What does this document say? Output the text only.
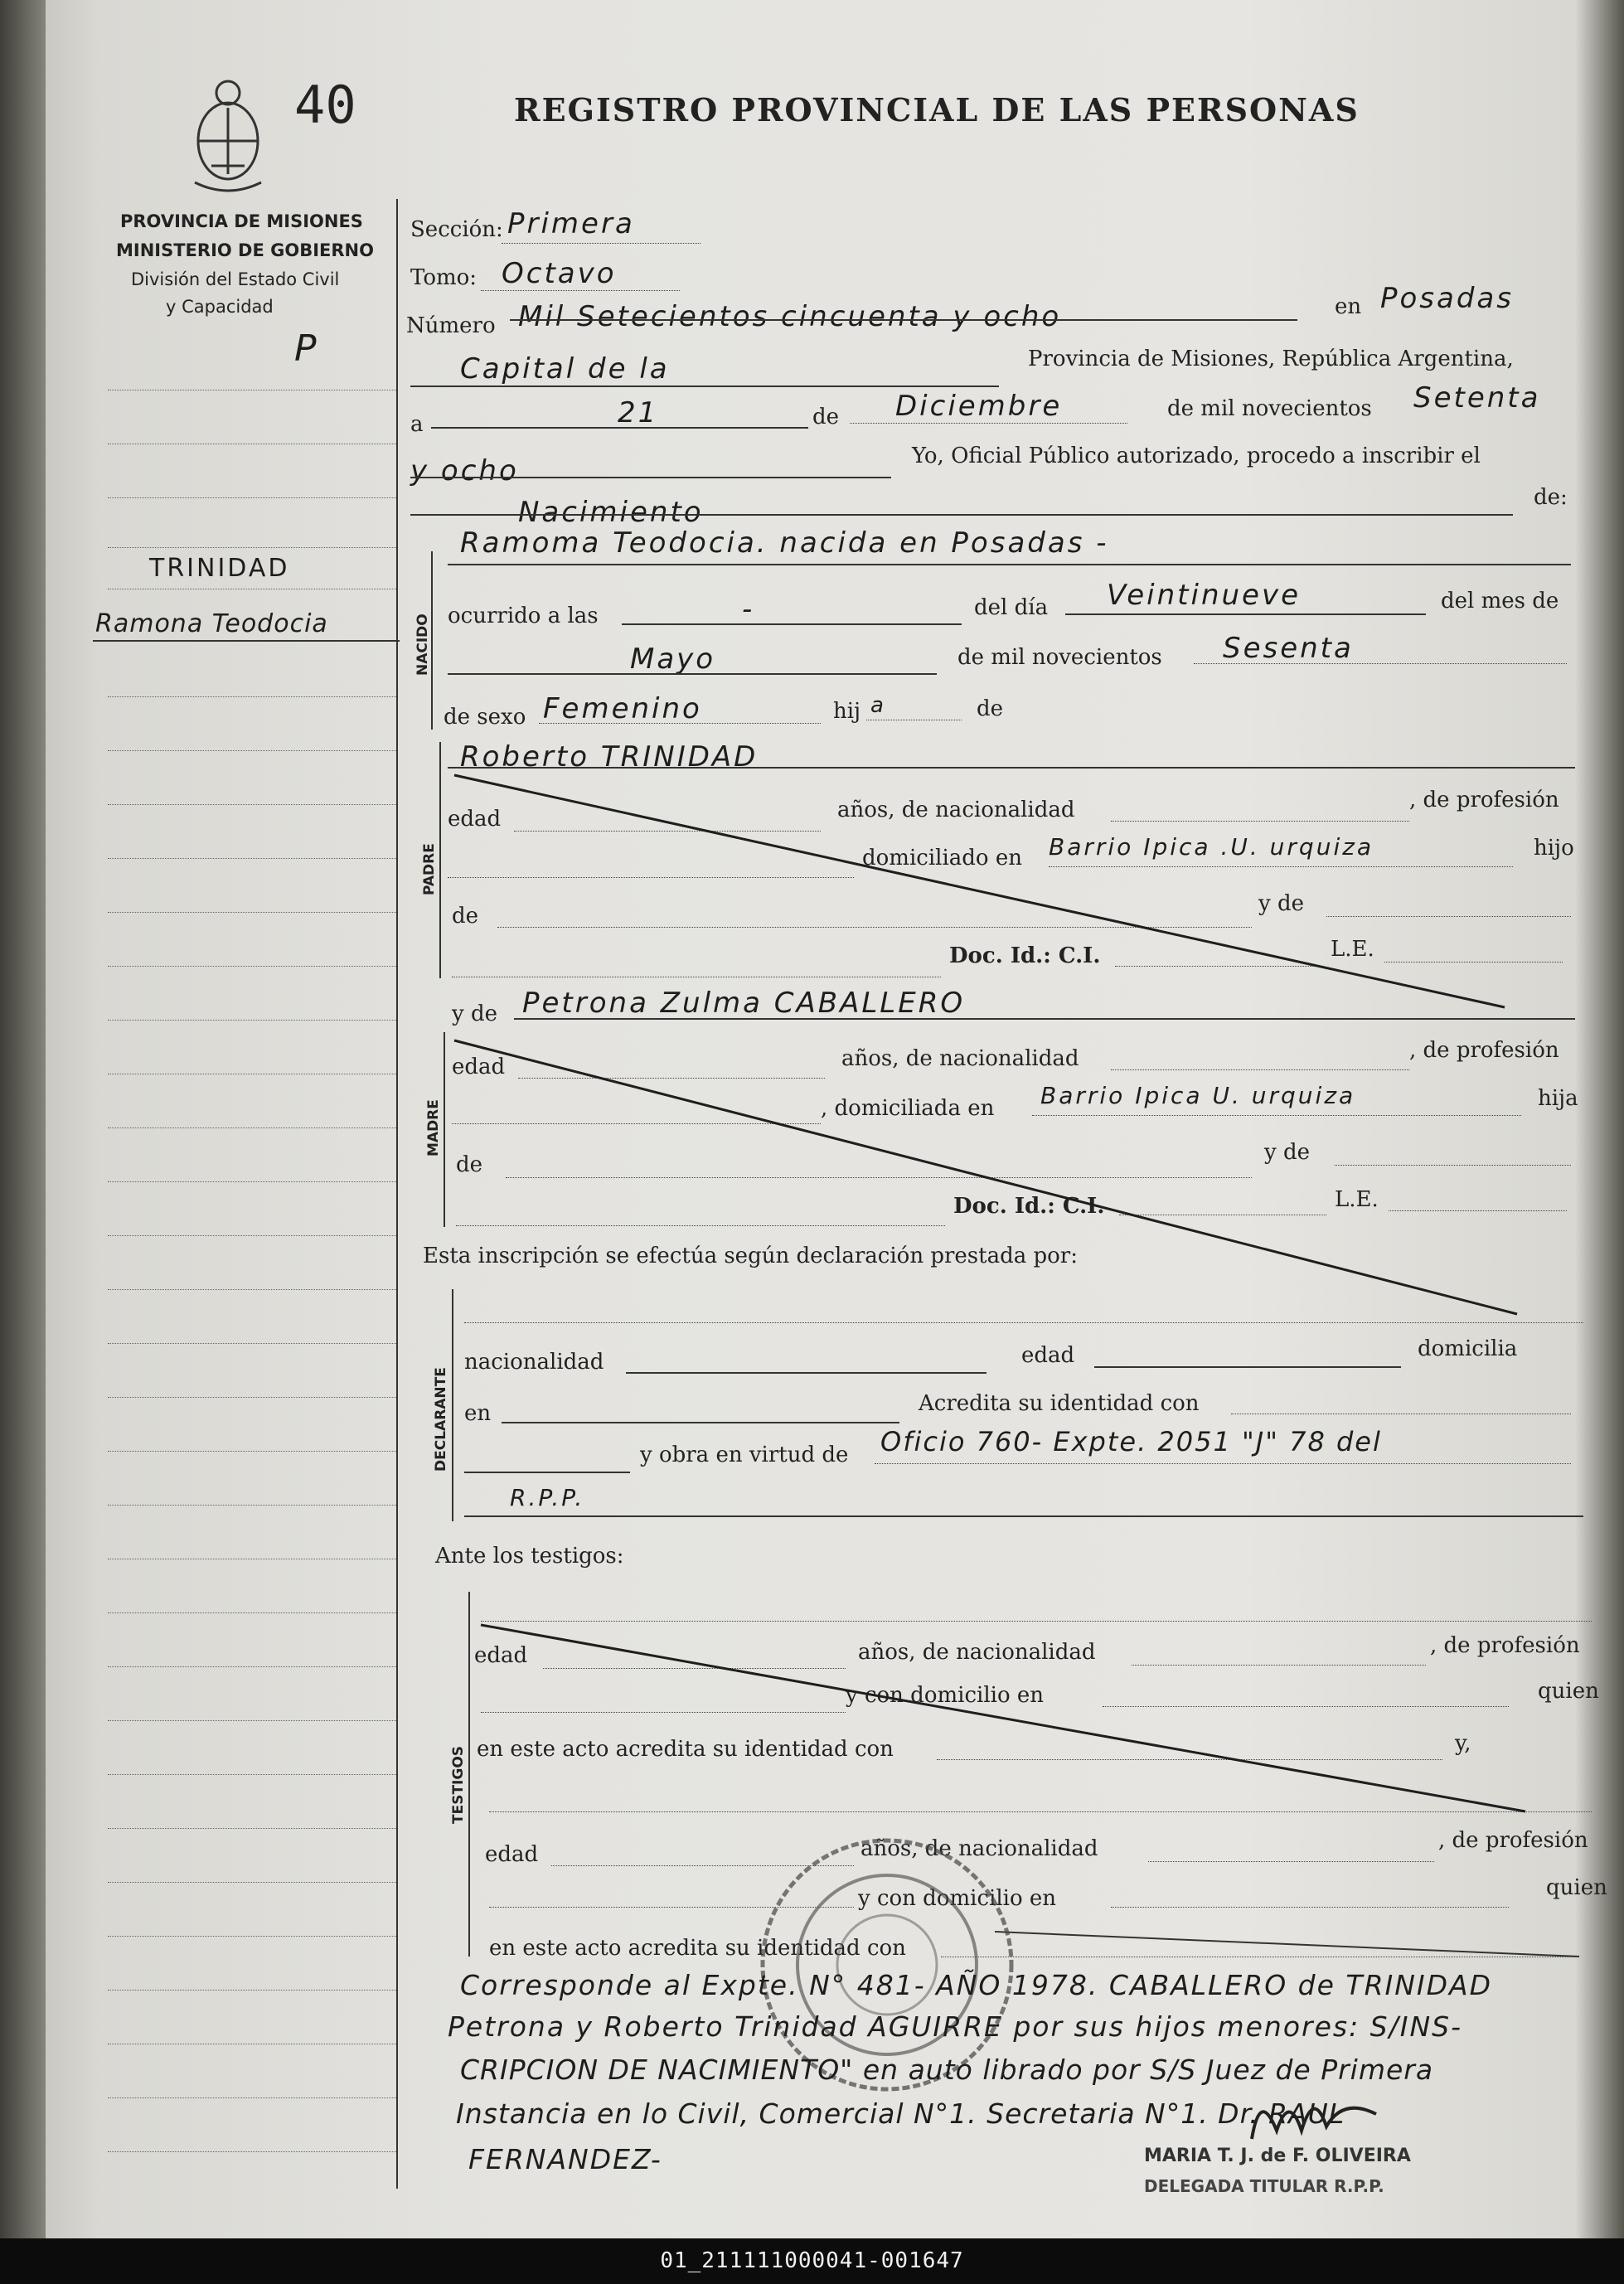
40	REGISTRO PROVINCIAL DE LAS PERSONAS
PROVINCIA DE MISIONES
MINISTERIO DE GOBIERNO
División del Estado Civil
y Capacidad
P
TRINIDAD
Ramona Teodocia
Sección: Primera
Tomo: Octavo
Número Mil Setecientos cincuenta y ocho	en Posadas
Capital de la	Provincia de Misiones, República Argentina,
a	21	de Diciembre	de mil novecientos Setenta
y ocho	Yo, Oficial Público autorizado, procedo a inscribir el
Nacimiento	de:
NACIDO
Ramoma Teodocia. nacida en Posadas -
ocurrido a las	-	del día Veintinueve	del mes de
Mayo	de mil novecientos Sesenta
de sexo Femenino	hij a	de
PADRE
Roberto TRINIDAD
edad	años, de nacionalidad	, de profesión
domiciliado en Barrio Ipica .U. urquiza	hijo
de	y de
Doc. Id.: C.I.	L.E.
MADRE
y de Petrona Zulma CABALLERO
edad	años, de nacionalidad	, de profesión
, domiciliada en Barrio Ipica U. urquiza	hija
de	y de
Doc. Id.: C.I.	L.E.
Esta inscripción se efectúa según declaración prestada por:
DECLARANTE
nacionalidad	edad	domicilia
en	Acredita su identidad con
y obra en virtud de Oficio 760- Expte. 2051 "J" 78 del
R.P.P.
Ante los testigos:
TESTIGOS
edad	años, de nacionalidad	, de profesión
y con domicilio en	quien
en este acto acredita su identidad con	y,
edad	años, de nacionalidad	, de profesión
y con domicilio en	quien
en este acto acredita su identidad con
Corresponde al Expte. N° 481- AÑO 1978. CABALLERO de TRINIDAD
Petrona y Roberto Trinidad AGUIRRE por sus hijos menores: S/INS-
CRIPCION DE NACIMIENTO" en auto librado por S/S Juez de Primera
Instancia en lo Civil, Comercial N°1. Secretaria N°1. Dr. RAUL
FERNANDEZ-	MARIA T. J. de F. OLIVEIRA
DELEGADA TITULAR R.P.P.
01_211111000041-001647
